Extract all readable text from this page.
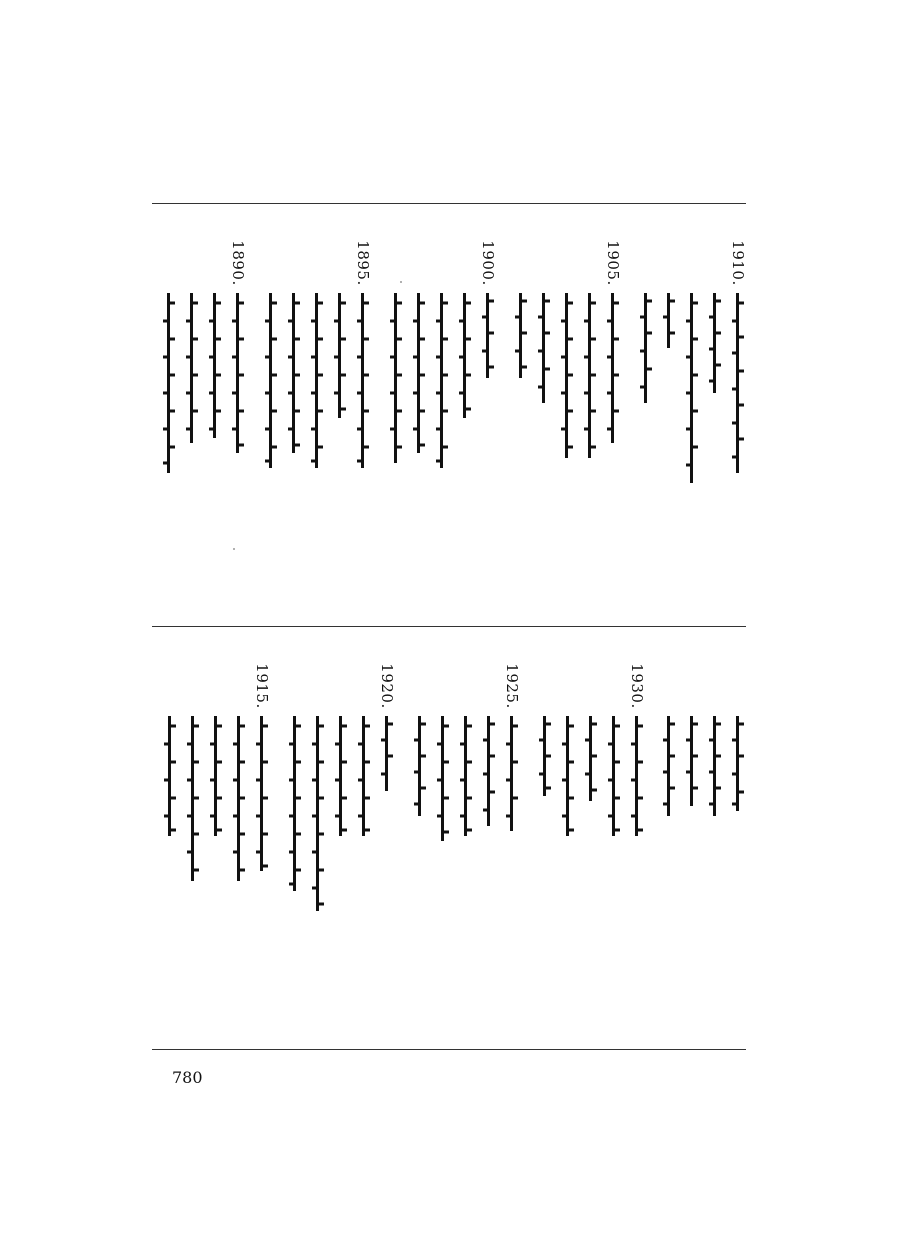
1910.
1905.
1900.
1895.
1890.
1930.
1925.
1920.
1915.
780
